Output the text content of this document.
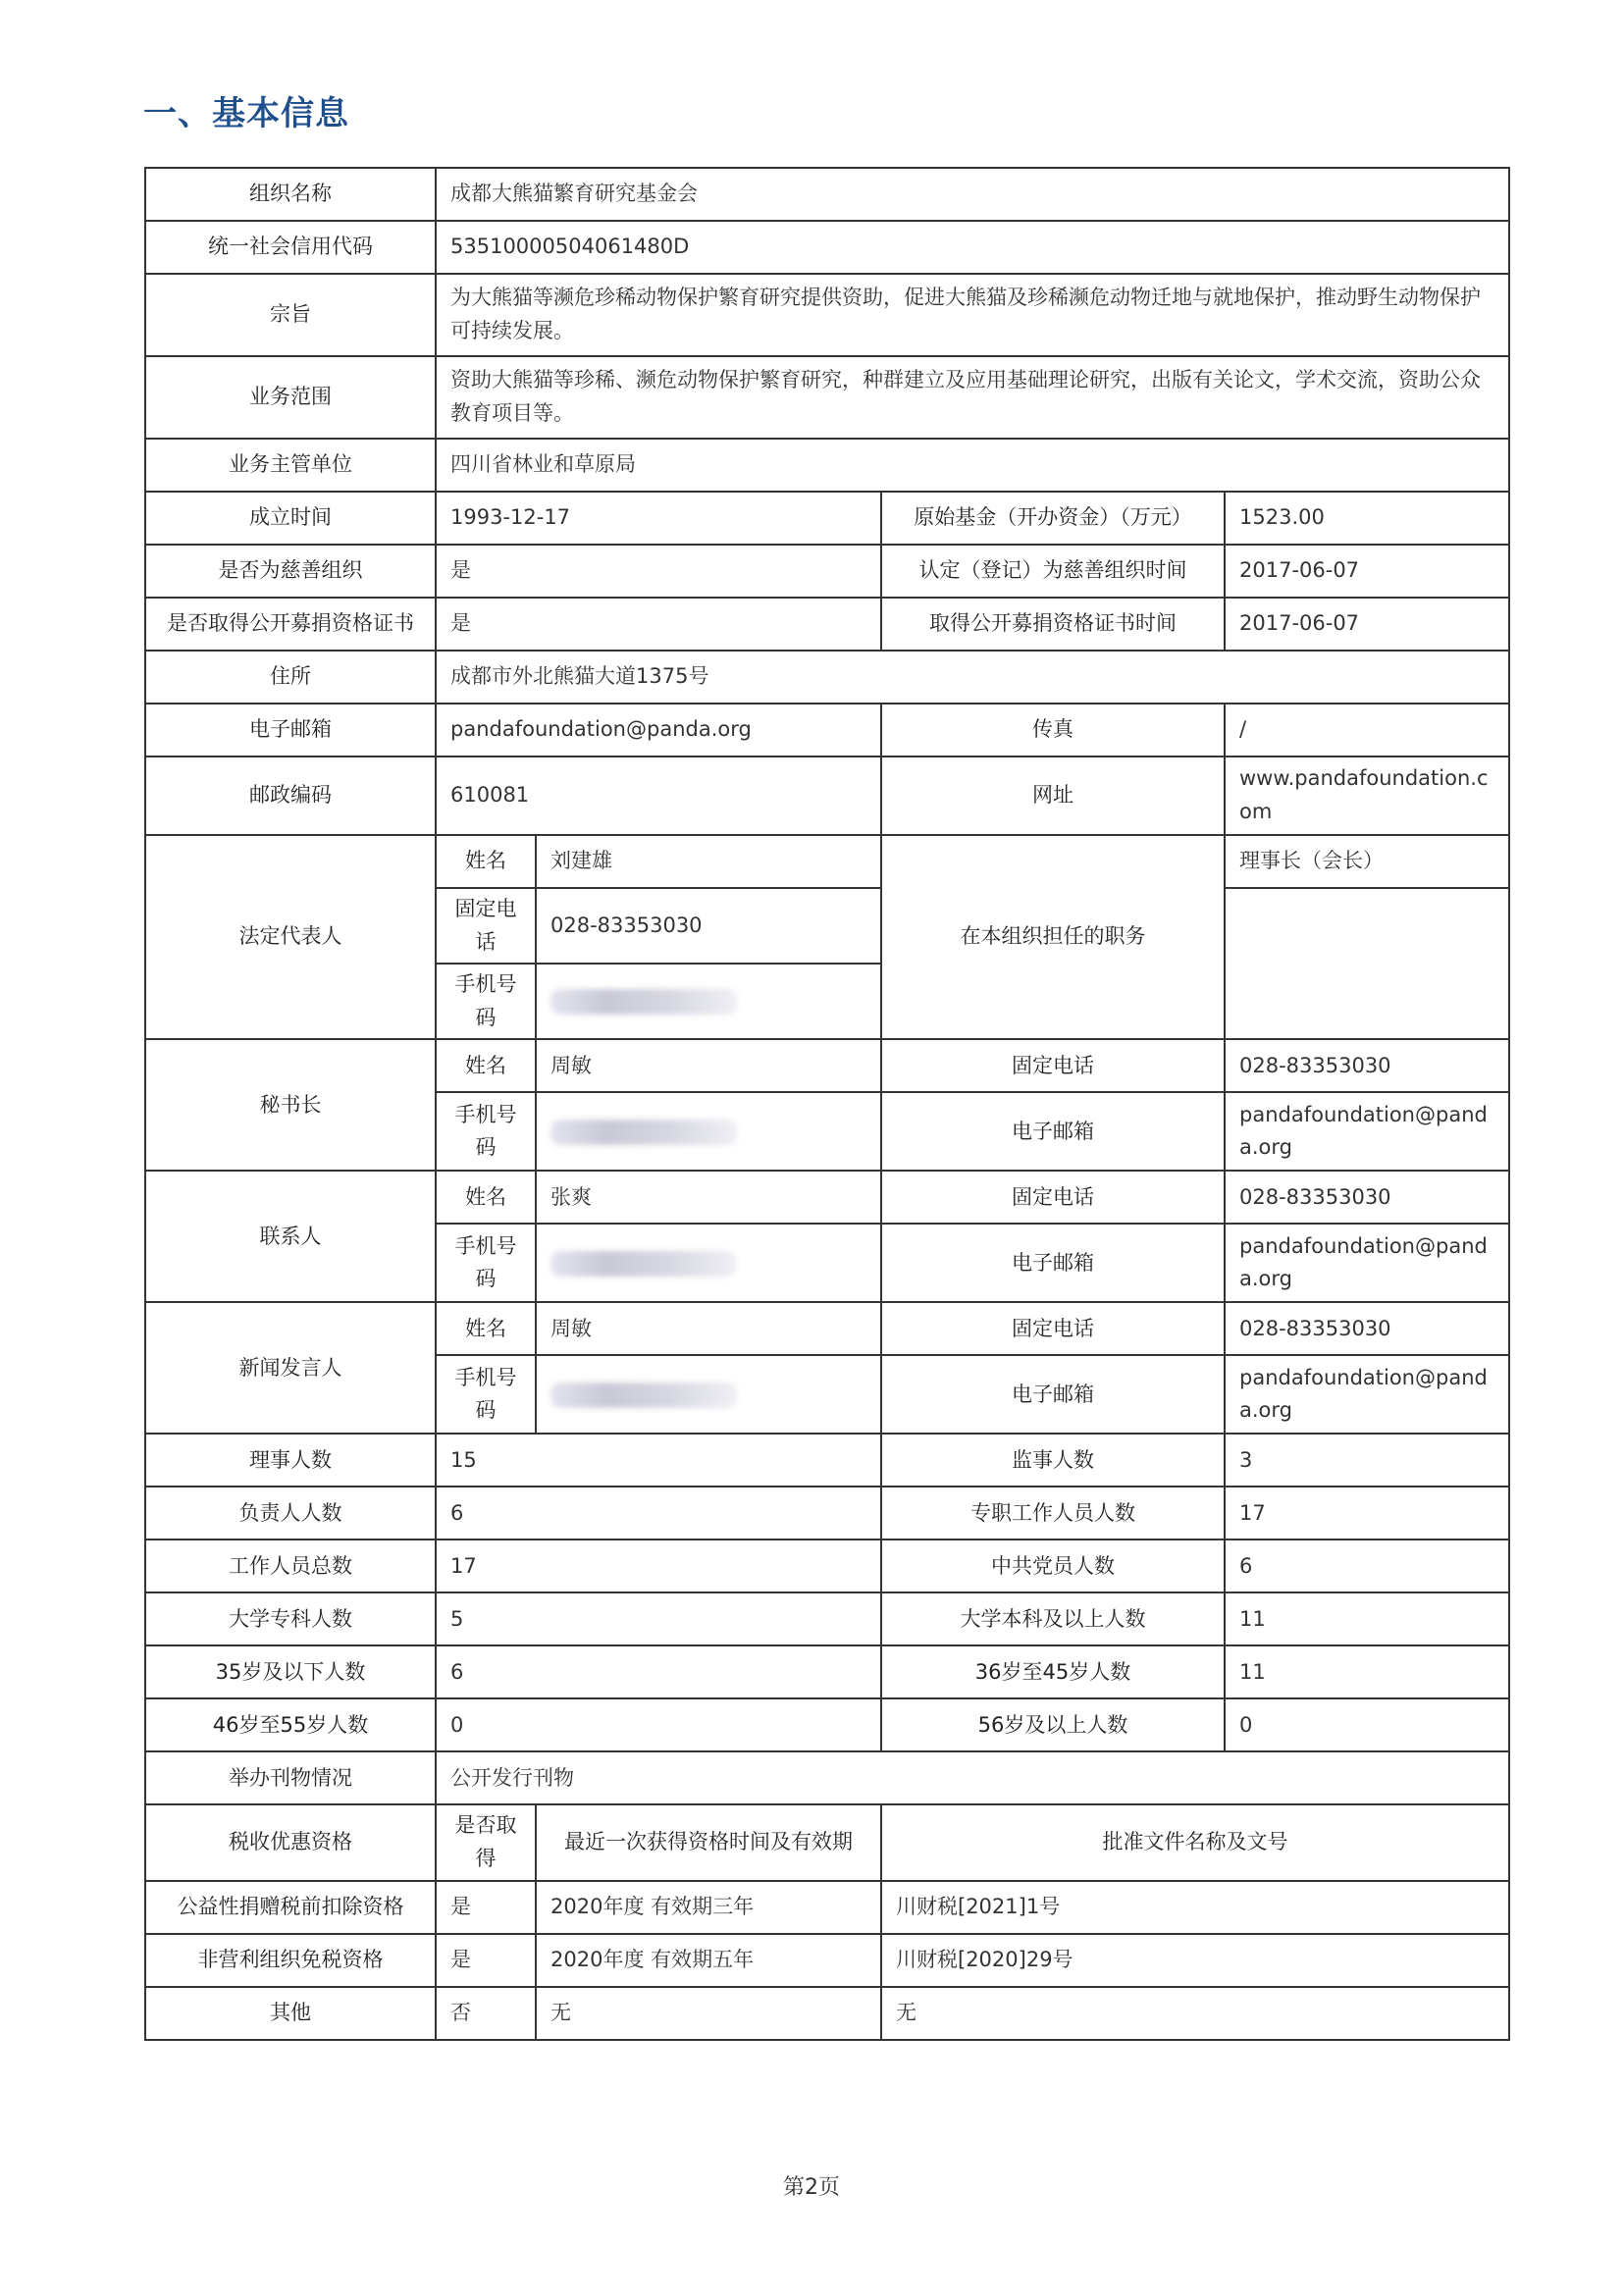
一、基本信息
组织名称	成都大熊猫繁育研究基金会			
统一社会信用代码	53510000504061480D			
宗旨	为大熊猫等濒危珍稀动物保护繁育研究提供资助，促进大熊猫及珍稀濒危动物迁地与就地保护，推动野生动物保护可持续发展。			
业务范围	资助大熊猫等珍稀、濒危动物保护繁育研究，种群建立及应用基础理论研究，出版有关论文，学术交流，资助公众教育项目等。			
业务主管单位	四川省林业和草原局			
成立时间	1993-12-17		原始基金（开办资金）（万元）	1523.00
是否为慈善组织	是		认定（登记）为慈善组织时间	2017-06-07
是否取得公开募捐资格证书	是		取得公开募捐资格证书时间	2017-06-07
住所	成都市外北熊猫大道1375号			
电子邮箱	pandafoundation@panda.org		传真	/
邮政编码	610081		网址	www.pandafoundation.com
法定代表人	姓名	刘建雄	在本组织担任的职务	理事长（会长）
	固定电话	028-83353030		
	手机号码			
秘书长	姓名	周敏	固定电话	028-83353030
	手机号码		电子邮箱	pandafoundation@panda.org
联系人	姓名	张爽	固定电话	028-83353030
	手机号码		电子邮箱	pandafoundation@panda.org
新闻发言人	姓名	周敏	固定电话	028-83353030
	手机号码		电子邮箱	pandafoundation@panda.org
理事人数	15		监事人数	3
负责人人数	6		专职工作人员人数	17
工作人员总数	17		中共党员人数	6
大学专科人数	5		大学本科及以上人数	11
35岁及以下人数	6		36岁至45岁人数	11
46岁至55岁人数	0		56岁及以上人数	0
举办刊物情况	公开发行刊物			
税收优惠资格	是否取得	最近一次获得资格时间及有效期	批准文件名称及文号	
公益性捐赠税前扣除资格	是	2020年度 有效期三年	川财税[2021]1号	
非营利组织免税资格	是	2020年度 有效期五年	川财税[2020]29号	
其他	否	无	无	
第2页
